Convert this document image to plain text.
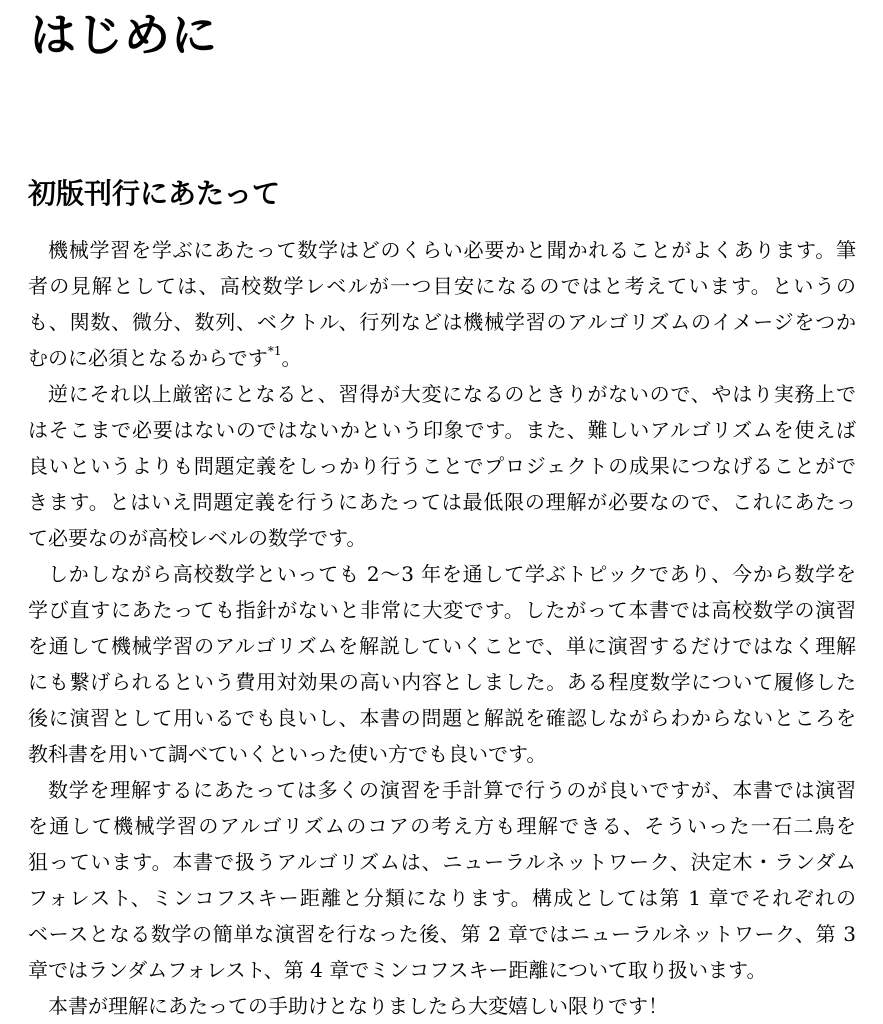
はじめに
初版刊行にあたって
機械学習を学ぶにあたって数学はどのくらい必要かと聞かれることがよくあります。筆
者の見解としては、高校数学レベルが一つ目安になるのではと考えています。というの
も、関数、微分、数列、ベクトル、行列などは機械学習のアルゴリズムのイメージをつか
むのに必須となるからです$^{*1}$。
逆にそれ以上厳密にとなると、習得が大変になるのときりがないので、やはり実務上で
はそこまで必要はないのではないかという印象です。また、難しいアルゴリズムを使えば
良いというよりも問題定義をしっかり行うことでプロジェクトの成果につなげることがで
きます。とはいえ問題定義を行うにあたっては最低限の理解が必要なので、これにあたっ
て必要なのが高校レベルの数学です。
しかしながら高校数学といっても 2〜3 年を通して学ぶトピックであり、今から数学を
学び直すにあたっても指針がないと非常に大変です。したがって本書では高校数学の演習
を通して機械学習のアルゴリズムを解説していくことで、単に演習するだけではなく理解
にも繋げられるという費用対効果の高い内容としました。ある程度数学について履修した
後に演習として用いるでも良いし、本書の問題と解説を確認しながらわからないところを
教科書を用いて調べていくといった使い方でも良いです。
数学を理解するにあたっては多くの演習を手計算で行うのが良いですが、本書では演習
を通して機械学習のアルゴリズムのコアの考え方も理解できる、そういった一石二鳥を
狙っています。本書で扱うアルゴリズムは、ニューラルネットワーク、決定木・ランダム
フォレスト、ミンコフスキー距離と分類になります。構成としては第 1 章でそれぞれの
ベースとなる数学の簡単な演習を行なった後、第 2 章ではニューラルネットワーク、第 3
章ではランダムフォレスト、第 4 章でミンコフスキー距離について取り扱います。
本書が理解にあたっての手助けとなりましたら大変嬉しい限りです！
